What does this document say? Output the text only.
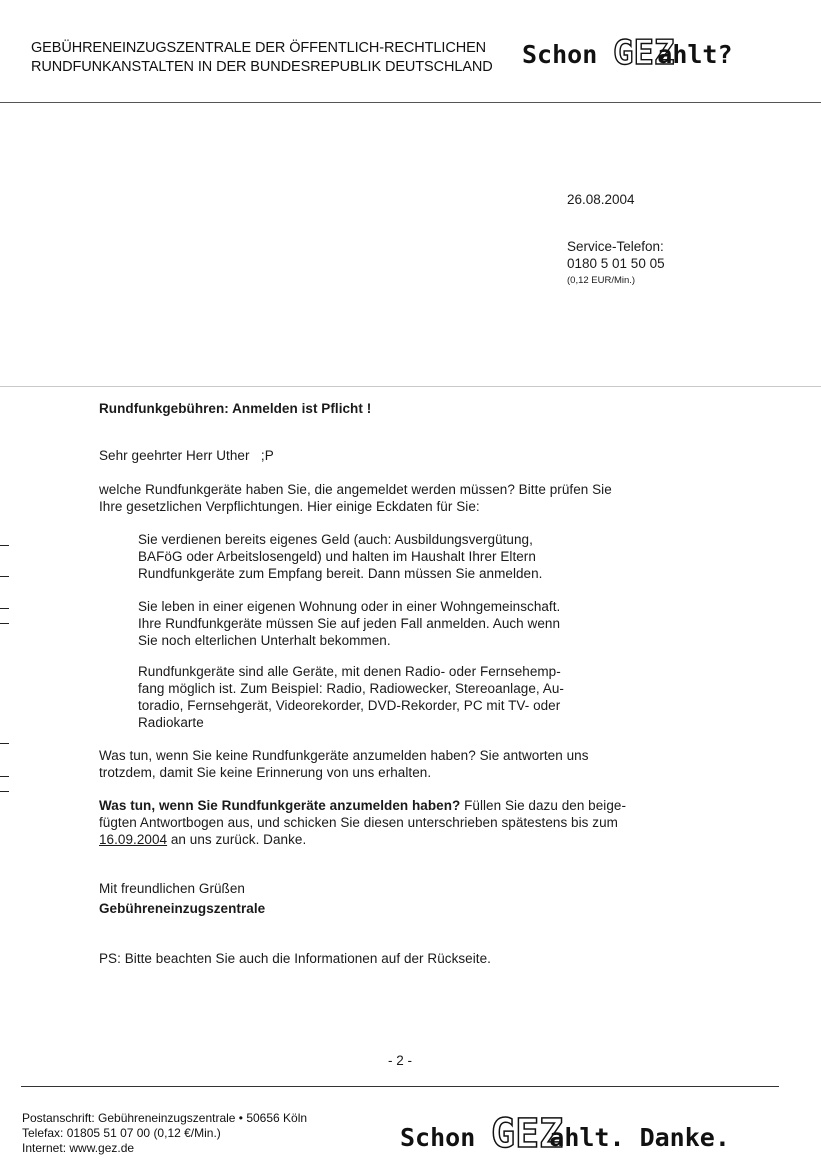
GEBÜHRENEINZUGSZENTRALE DER ÖFFENTLICH-RECHTLICHEN
RUNDFUNKANSTALTEN IN DER BUNDESREPUBLIK DEUTSCHLAND Schon GEZ
ahlt?
26.08.2004
Service-Telefon:
0180 5 01 50 05
(0,12 EUR/Min.)
Rundfunkgebühren: Anmelden ist Pflicht !
Sehr geehrter Herr Uther   ;P
welche Rundfunkgeräte haben Sie, die angemeldet werden müssen? Bitte prüfen Sie
Ihre gesetzlichen Verpflichtungen. Hier einige Eckdaten für Sie:
Sie verdienen bereits eigenes Geld (auch: Ausbildungsvergütung,
BAFöG oder Arbeitslosengeld) und halten im Haushalt Ihrer Eltern
Rundfunkgeräte zum Empfang bereit. Dann müssen Sie anmelden.
Sie leben in einer eigenen Wohnung oder in einer Wohngemeinschaft.
Ihre Rundfunkgeräte müssen Sie auf jeden Fall anmelden. Auch wenn
Sie noch elterlichen Unterhalt bekommen.
Rundfunkgeräte sind alle Geräte, mit denen Radio- oder Fernsehemp-
fang möglich ist. Zum Beispiel: Radio, Radiowecker, Stereoanlage, Au-
toradio, Fernsehgerät, Videorekorder, DVD-Rekorder, PC mit TV- oder
Radiokarte
Was tun, wenn Sie keine Rundfunkgeräte anzumelden haben? Sie antworten uns
trotzdem, damit Sie keine Erinnerung von uns erhalten.
Was tun, wenn Sie Rundfunkgeräte anzumelden haben? Füllen Sie dazu den beige-
fügten Antwortbogen aus, und schicken Sie diesen unterschrieben spätestens bis zum
16.09.2004 an uns zurück. Danke.
Mit freundlichen Grüßen
Gebühreneinzugszentrale
PS: Bitte beachten Sie auch die Informationen auf der Rückseite.
- 2 -
Postanschrift: Gebühreneinzugszentrale • 50656 Köln
Telefax: 01805 51 07 00 (0,12 €/Min.)
Internet: www.gez.de	Schon GEZ
ahlt. Danke.
